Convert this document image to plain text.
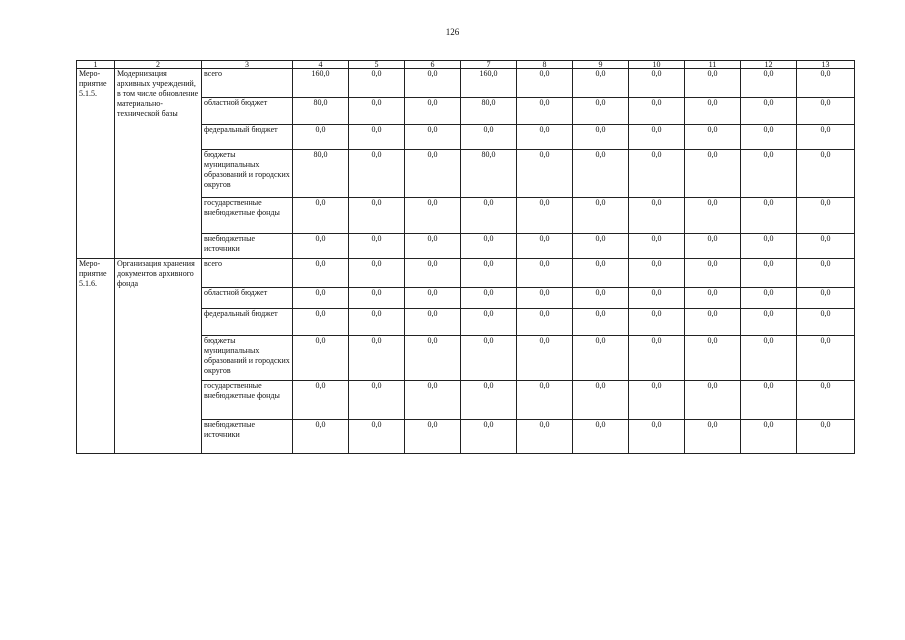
126
1	2	3	4	5	6	7	8	9	10	11	12	13
Меро-
приятие
5.1.5.	Модернизация архивных учреждений, в том числе обновление материально-технической базы	всего	160,0	0,0	0,0	160,0	0,0	0,0	0,0	0,0	0,0	0,0
		областной бюджет	80,0	0,0	0,0	80,0	0,0	0,0	0,0	0,0	0,0	0,0
		федеральный бюджет	0,0	0,0	0,0	0,0	0,0	0,0	0,0	0,0	0,0	0,0
		бюджеты муниципальных образований и городских округов	80,0	0,0	0,0	80,0	0,0	0,0	0,0	0,0	0,0	0,0
		государственные внебюджетные фонды	0,0	0,0	0,0	0,0	0,0	0,0	0,0	0,0	0,0	0,0
		внебюджетные источники	0,0	0,0	0,0	0,0	0,0	0,0	0,0	0,0	0,0	0,0
Меро-
приятие
5.1.6.	Организация хранения документов архивного фонда	всего	0,0	0,0	0,0	0,0	0,0	0,0	0,0	0,0	0,0	0,0
		областной бюджет	0,0	0,0	0,0	0,0	0,0	0,0	0,0	0,0	0,0	0,0
		федеральный бюджет	0,0	0,0	0,0	0,0	0,0	0,0	0,0	0,0	0,0	0,0
		бюджеты муниципальных образований и городских округов	0,0	0,0	0,0	0,0	0,0	0,0	0,0	0,0	0,0	0,0
		государственные внебюджетные фонды	0,0	0,0	0,0	0,0	0,0	0,0	0,0	0,0	0,0	0,0
		внебюджетные источники	0,0	0,0	0,0	0,0	0,0	0,0	0,0	0,0	0,0	0,0
